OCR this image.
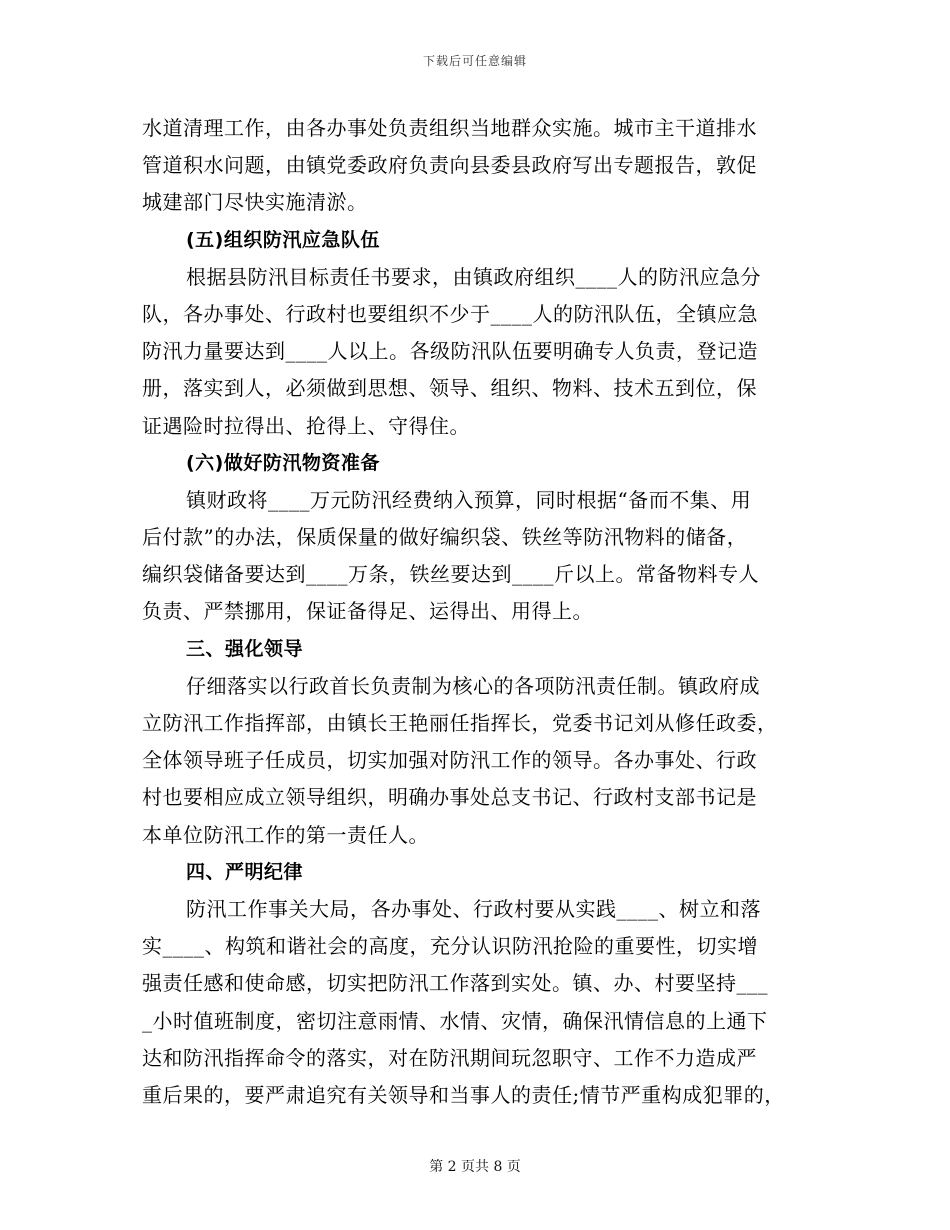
下载后可任意编辑
水道清理工作，由各办事处负责组织当地群众实施。城市主干道排水
管道积水问题，由镇党委政府负责向县委县政府写出专题报告，敦促
城建部门尽快实施清淤。
(五)组织防汛应急队伍
根据县防汛目标责任书要求，由镇政府组织____人的防汛应急分
队，各办事处、行政村也要组织不少于____人的防汛队伍，全镇应急
防汛力量要达到____人以上。各级防汛队伍要明确专人负责，登记造
册，落实到人，必须做到思想、领导、组织、物料、技术五到位，保
证遇险时拉得出、抢得上、守得住。
(六)做好防汛物资准备
镇财政将____万元防汛经费纳入预算，同时根据“备而不集、用
后付款”的办法，保质保量的做好编织袋、铁丝等防汛物料的储备，
编织袋储备要达到____万条，铁丝要达到____斤以上。常备物料专人
负责、严禁挪用，保证备得足、运得出、用得上。
三、强化领导
仔细落实以行政首长负责制为核心的各项防汛责任制。镇政府成
立防汛工作指挥部，由镇长王艳丽任指挥长，党委书记刘从修任政委，
全体领导班子任成员，切实加强对防汛工作的领导。各办事处、行政
村也要相应成立领导组织，明确办事处总支书记、行政村支部书记是
本单位防汛工作的第一责任人。
四、严明纪律
防汛工作事关大局，各办事处、行政村要从实践____、树立和落
实____、构筑和谐社会的高度，充分认识防汛抢险的重要性，切实增
强责任感和使命感，切实把防汛工作落到实处。镇、办、村要坚持___
_小时值班制度，密切注意雨情、水情、灾情，确保汛情信息的上通下
达和防汛指挥命令的落实，对在防汛期间玩忽职守、工作不力造成严
重后果的，要严肃追究有关领导和当事人的责任;情节严重构成犯罪的，
第 2 页共 8 页
